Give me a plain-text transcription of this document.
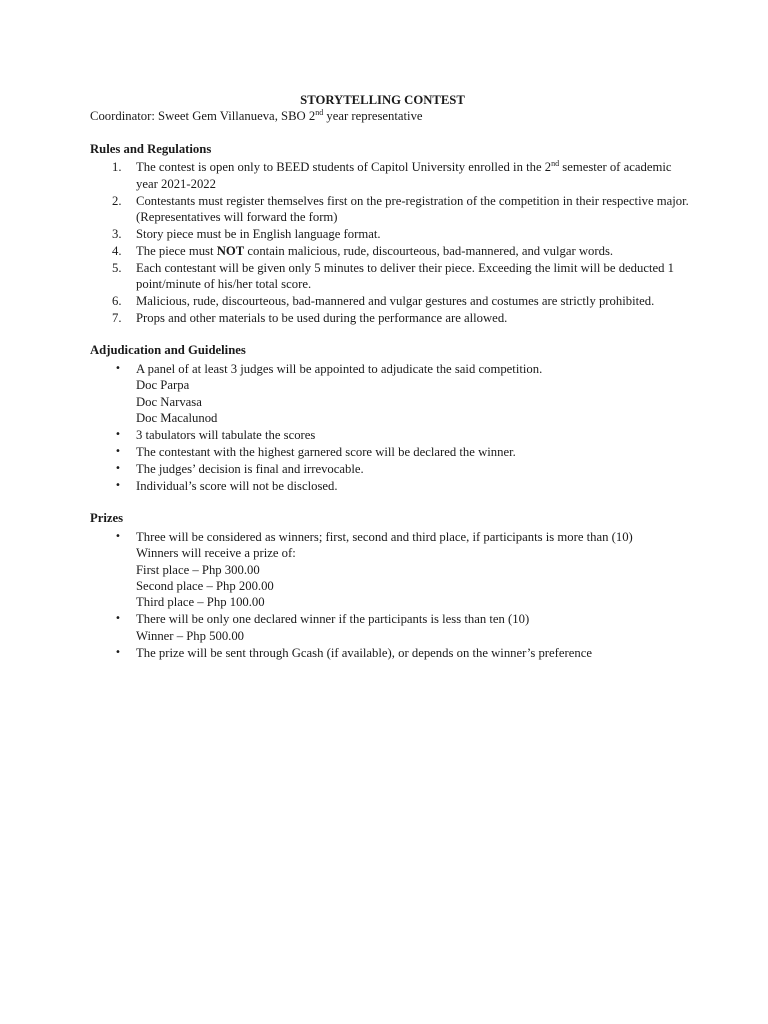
STORYTELLING CONTEST

Coordinator: Sweet Gem Villanueva, SBO 2nd year representative

Rules and Regulations

1. The contest is open only to BEED students of Capitol University enrolled in the 2nd semester of academic year 2021-2022
2. Contestants must register themselves first on the pre-registration of the competition in their respective major. (Representatives will forward the form)
3. Story piece must be in English language format.
4. The piece must NOT contain malicious, rude, discourteous, bad-mannered, and vulgar words.
5. Each contestant will be given only 5 minutes to deliver their piece. Exceeding the limit will be deducted 1 point/minute of his/her total score.
6. Malicious, rude, discourteous, bad-mannered and vulgar gestures and costumes are strictly prohibited.
7. Props and other materials to be used during the performance are allowed.

Adjudication and Guidelines

• A panel of at least 3 judges will be appointed to adjudicate the said competition.
Doc Parpa
Doc Narvasa
Doc Macalunod
• 3 tabulators will tabulate the scores
• The contestant with the highest garnered score will be declared the winner.
• The judges’ decision is final and irrevocable.
• Individual’s score will not be disclosed.

Prizes

• Three will be considered as winners; first, second and third place, if participants is more than (10)
Winners will receive a prize of:
First place – Php 300.00
Second place – Php 200.00
Third place – Php 100.00
• There will be only one declared winner if the participants is less than ten (10)
Winner – Php 500.00
• The prize will be sent through Gcash (if available), or depends on the winner’s preference
